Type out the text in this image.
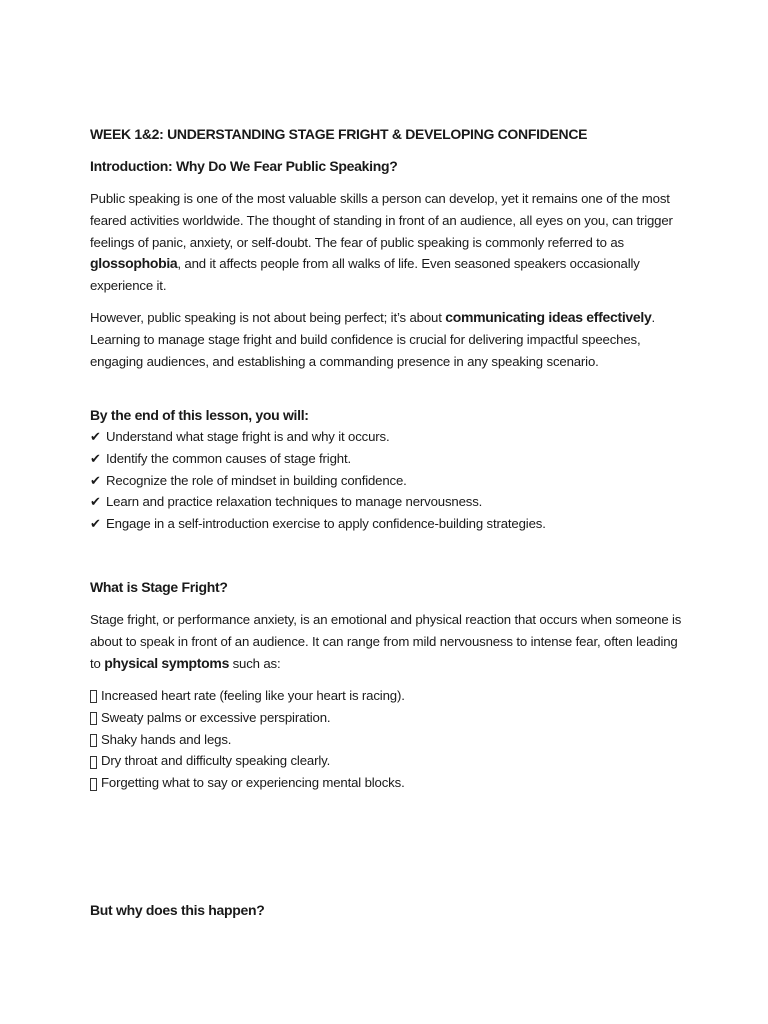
WEEK 1&2: UNDERSTANDING STAGE FRIGHT & DEVELOPING CONFIDENCE
Introduction: Why Do We Fear Public Speaking?
Public speaking is one of the most valuable skills a person can develop, yet it remains one of the most feared activities worldwide. The thought of standing in front of an audience, all eyes on you, can trigger feelings of panic, anxiety, or self-doubt. The fear of public speaking is commonly referred to as glossophobia, and it affects people from all walks of life. Even seasoned speakers occasionally experience it.
However, public speaking is not about being perfect; it’s about communicating ideas effectively. Learning to manage stage fright and build confidence is crucial for delivering impactful speeches, engaging audiences, and establishing a commanding presence in any speaking scenario.
By the end of this lesson, you will:
✔ Understand what stage fright is and why it occurs.
✔ Identify the common causes of stage fright.
✔ Recognize the role of mindset in building confidence.
✔ Learn and practice relaxation techniques to manage nervousness.
✔ Engage in a self-introduction exercise to apply confidence-building strategies.
What is Stage Fright?
Stage fright, or performance anxiety, is an emotional and physical reaction that occurs when someone is about to speak in front of an audience. It can range from mild nervousness to intense fear, often leading to physical symptoms such as:
Increased heart rate (feeling like your heart is racing).
Sweaty palms or excessive perspiration.
Shaky hands and legs.
Dry throat and difficulty speaking clearly.
Forgetting what to say or experiencing mental blocks.
But why does this happen?
